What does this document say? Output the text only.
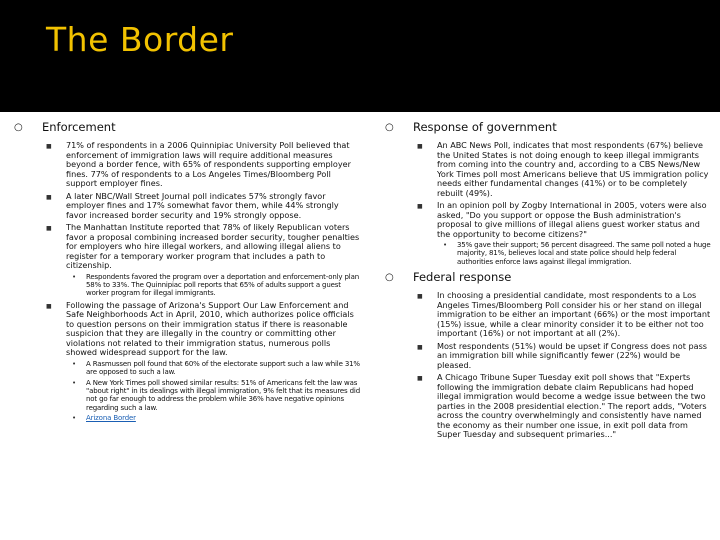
The Border
○ Enforcement
■ 71% of respondents in a 2006 Quinnipiac University Poll believed that enforcement of immigration laws will require additional measures beyond a border fence, with 65% of respondents supporting employer fines. 77% of respondents to a Los Angeles Times/Bloomberg Poll support employer fines.
■ A later NBC/Wall Street Journal poll indicates 57% strongly favor employer fines and 17% somewhat favor them, while 44% strongly favor increased border security and 19% strongly oppose.
■ The Manhattan Institute reported that 78% of likely Republican voters favor a proposal combining increased border security, tougher penalties for employers who hire illegal workers, and allowing illegal aliens to register for a temporary worker program that includes a path to citizenship.
• Respondents favored the program over a deportation and enforcement-only plan 58% to 33%. The Quinnipiac poll reports that 65% of adults support a guest worker program for illegal immigrants.
■ Following the passage of Arizona's Support Our Law Enforcement and Safe Neighborhoods Act in April, 2010, which authorizes police officials to question persons on their immigration status if there is reasonable suspicion that they are illegally in the country or committing other violations not related to their immigration status, numerous polls showed widespread support for the law.
• A Rasmussen poll found that 60% of the electorate support such a law while 31% are opposed to such a law.
• A New York Times poll showed similar results: 51% of Americans felt the law was "about right" in its dealings with illegal immigration, 9% felt that its measures did not go far enough to address the problem while 36% have negative opinions regarding such a law.
• Arizona Border
○ Response of government
■ An ABC News Poll, indicates that most respondents (67%) believe the United States is not doing enough to keep illegal immigrants from coming into the country and, according to a CBS News/New York Times poll most Americans believe that US immigration policy needs either fundamental changes (41%) or to be completely rebuilt (49%).
■ In an opinion poll by Zogby International in 2005, voters were also asked, "Do you support or oppose the Bush administration's proposal to give millions of illegal aliens guest worker status and the opportunity to become citizens?"
• 35% gave their support; 56 percent disagreed. The same poll noted a huge majority, 81%, believes local and state police should help federal authorities enforce laws against illegal immigration.
○ Federal response
■ In choosing a presidential candidate, most respondents to a Los Angeles Times/Bloomberg Poll consider his or her stand on illegal immigration to be either an important (66%) or the most important (15%) issue, while a clear minority consider it to be either not too important (16%) or not important at all (2%).
■ Most respondents (51%) would be upset if Congress does not pass an immigration bill while significantly fewer (22%) would be pleased.
■ A Chicago Tribune Super Tuesday exit poll shows that "Experts following the immigration debate claim Republicans had hoped illegal immigration would become a wedge issue between the two parties in the 2008 presidential election." The report adds, "Voters across the country overwhelmingly and consistently have named the economy as their number one issue, in exit poll data from Super Tuesday and subsequent primaries..."
